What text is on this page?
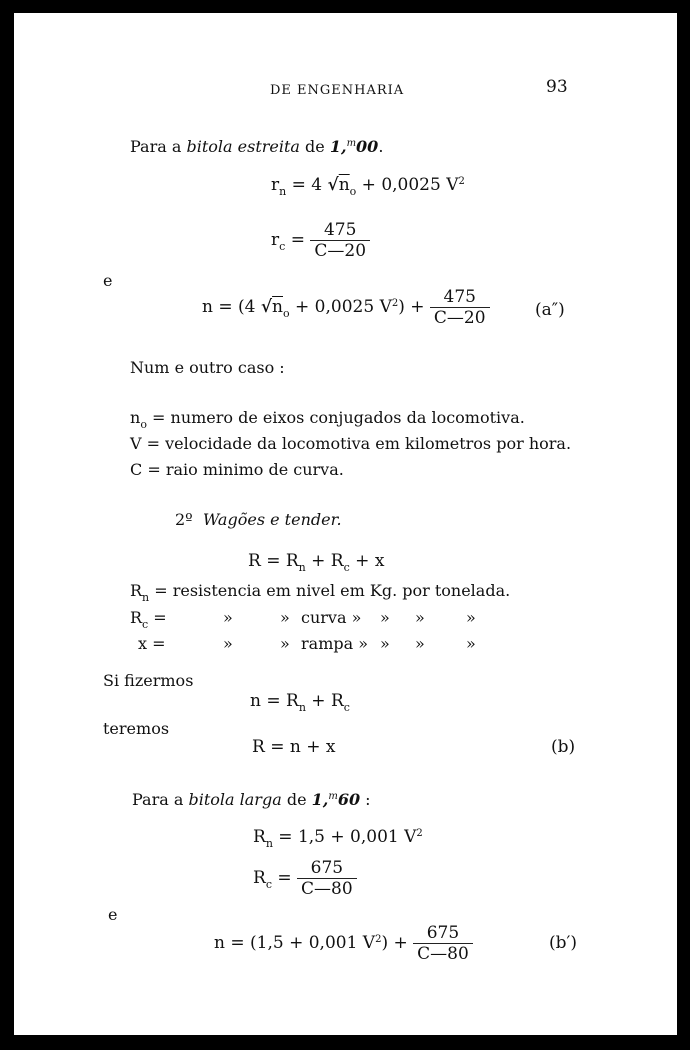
DE ENGENHARIA	93
Para a bitola estreita de 1,$^m$00.
$r_n = 4$ $√n_o + 0,0025$ $V^2$
$r_c = \frac{475}{C—20}$
e
n = (4 $√n_o + 0,0025$ $V^2) + \frac{475}{C—20}$	(a″)
Num e outro caso :
$n_o$ = numero de eixos conjugados da locomotiva.
V = velocidade da locomotiva em kilometros por hora.
C = raio minimo de curva.
2º Wagões e tender.
$R = R_n + R_c + x$
$R_n$ = resistencia em nivel em Kg. por tonelada.
$R_c$ =	»	» curva » » »	»
x =	»	» rampa » » »	»
Si fizermos
$n = R_n + R_c$
teremos
R = n + x	(b)
Para a bitola larga de 1,$^m$60 :
$R_n = 1,5 + 0,001$ $V^2$
$R_c = \frac{675}{C—80}$
e
n = (1,5 + 0,001 $V^2) + \frac{675}{C—80}$	(b′)
